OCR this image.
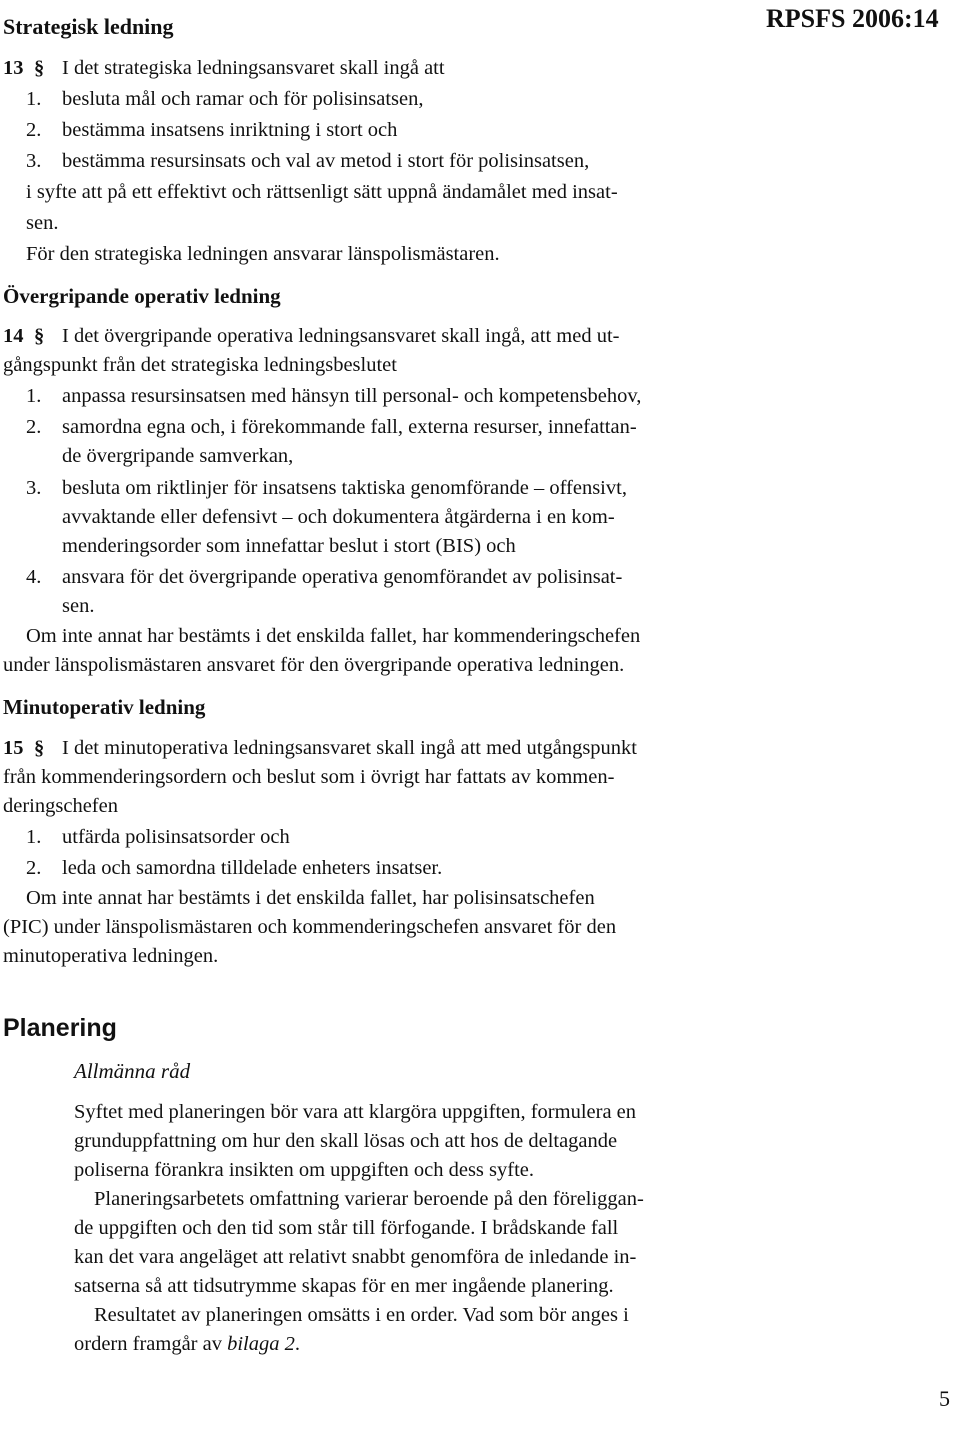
Strategisk ledning	RPSFS 2006:14
13 § I det strategiska ledningsansvaret skall ingå att
1. besluta mål och ramar och för polisinsatsen,
2. bestämma insatsens inriktning i stort och
3. bestämma resursinsats och val av metod i stort för polisinsatsen,
i syfte att på ett effektivt och rättsenligt sätt uppnå ändamålet med insat-
sen.
För den strategiska ledningen ansvarar länspolismästaren.
Övergripande operativ ledning
14 § I det övergripande operativa ledningsansvaret skall ingå, att med ut-
gångspunkt från det strategiska ledningsbeslutet
1. anpassa resursinsatsen med hänsyn till personal- och kompetensbehov,
2. samordna egna och, i förekommande fall, externa resurser, innefattan-
de övergripande samverkan,
3. besluta om riktlinjer för insatsens taktiska genomförande – offensivt,
avvaktande eller defensivt – och dokumentera åtgärderna i en kom-
menderingsorder som innefattar beslut i stort (BIS) och
4. ansvara för det övergripande operativa genomförandet av polisinsat-
sen.
Om inte annat har bestämts i det enskilda fallet, har kommenderingschefen
under länspolismästaren ansvaret för den övergripande operativa ledningen.
Minutoperativ ledning
15 § I det minutoperativa ledningsansvaret skall ingå att med utgångspunkt
från kommenderingsordern och beslut som i övrigt har fattats av kommen-
deringschefen
1. utfärda polisinsatsorder och
2. leda och samordna tilldelade enheters insatser.
Om inte annat har bestämts i det enskilda fallet, har polisinsatschefen
(PIC) under länspolismästaren och kommenderingschefen ansvaret för den
minutoperativa ledningen.
Planering
Allmänna råd
Syftet med planeringen bör vara att klargöra uppgiften, formulera en
grunduppfattning om hur den skall lösas och att hos de deltagande
poliserna förankra insikten om uppgiften och dess syfte.
Planeringsarbetets omfattning varierar beroende på den föreliggan-
de uppgiften och den tid som står till förfogande. I brådskande fall
kan det vara angeläget att relativt snabbt genomföra de inledande in-
satserna så att tidsutrymme skapas för en mer ingående planering.
Resultatet av planeringen omsätts i en order. Vad som bör anges i
ordern framgår av bilaga 2.
5
